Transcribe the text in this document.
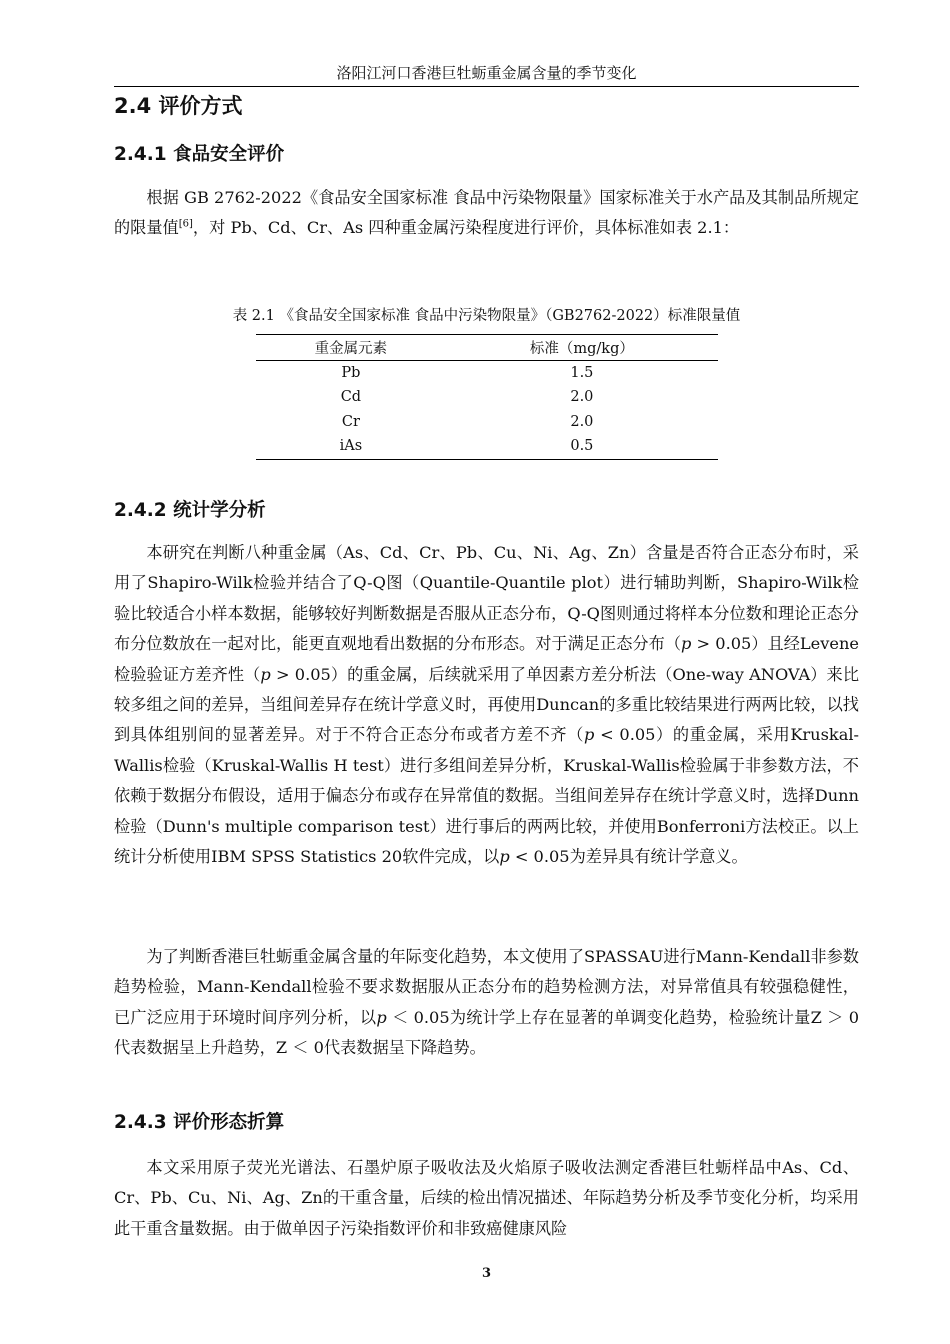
洛阳江河口香港巨牡蛎重金属含量的季节变化
2.4 评价方式
2.4.1 食品安全评价

根据 GB 2762-2022《食品安全国家标准 食品中污染物限量》国家标准关于水产品及其制品所规定的限量值[6]，对 Pb、Cd、Cr、As 四种重金属污染程度进行评价，具体标准如表 2.1：

表 2.1 《食品安全国家标准 食品中污染物限量》（GB2762-2022）标准限量值

重金属元素	标准（mg/kg）
Pb	1.5
Cd	2.0
Cr	2.0
iAs	0.5
2.4.2 统计学分析

本研究在判断八种重金属（As、Cd、Cr、Pb、Cu、Ni、Ag、Zn）含量是否符合正态分布时，采用了Shapiro-Wilk检验并结合了Q-Q图（Quantile-Quantile plot）进行辅助判断，Shapiro-Wilk检验比较适合小样本数据，能够较好判断数据是否服从正态分布，Q-Q图则通过将样本分位数和理论正态分布分位数放在一起对比，能更直观地看出数据的分布形态。对于满足正态分布（p > 0.05）且经Levene检验验证方差齐性（p > 0.05）的重金属，后续就采用了单因素方差分析法（One-way ANOVA）来比较多组之间的差异，当组间差异存在统计学意义时，再使用Duncan的多重比较结果进行两两比较，以找到具体组别间的显著差异。对于不符合正态分布或者方差不齐（p < 0.05）的重金属，采用Kruskal-Wallis检验（Kruskal-Wallis H test）进行多组间差异分析，Kruskal-Wallis检验属于非参数方法，不依赖于数据分布假设，适用于偏态分布或存在异常值的数据。当组间差异存在统计学意义时，选择Dunn 检验（Dunn's multiple comparison test）进行事后的两两比较，并使用Bonferroni方法校正。以上统计分析使用IBM SPSS Statistics 20软件完成，以p < 0.05为差异具有统计学意义。

为了判断香港巨牡蛎重金属含量的年际变化趋势，本文使用了SPASSAU进行Mann-Kendall非参数趋势检验，Mann-Kendall检验不要求数据服从正态分布的趋势检测方法，对异常值具有较强稳健性，已广泛应用于环境时间序列分析，以p ＜ 0.05为统计学上存在显著的单调变化趋势，检验统计量Z ＞ 0代表数据呈上升趋势，Z ＜ 0代表数据呈下降趋势。

2.4.3 评价形态折算

本文采用原子荧光光谱法、石墨炉原子吸收法及火焰原子吸收法测定香港巨牡蛎样品中As、Cd、Cr、Pb、Cu、Ni、Ag、Zn的干重含量，后续的检出情况描述、年际趋势分析及季节变化分析，均采用此干重含量数据。由于做单因子污染指数评价和非致癌健康风险

3
